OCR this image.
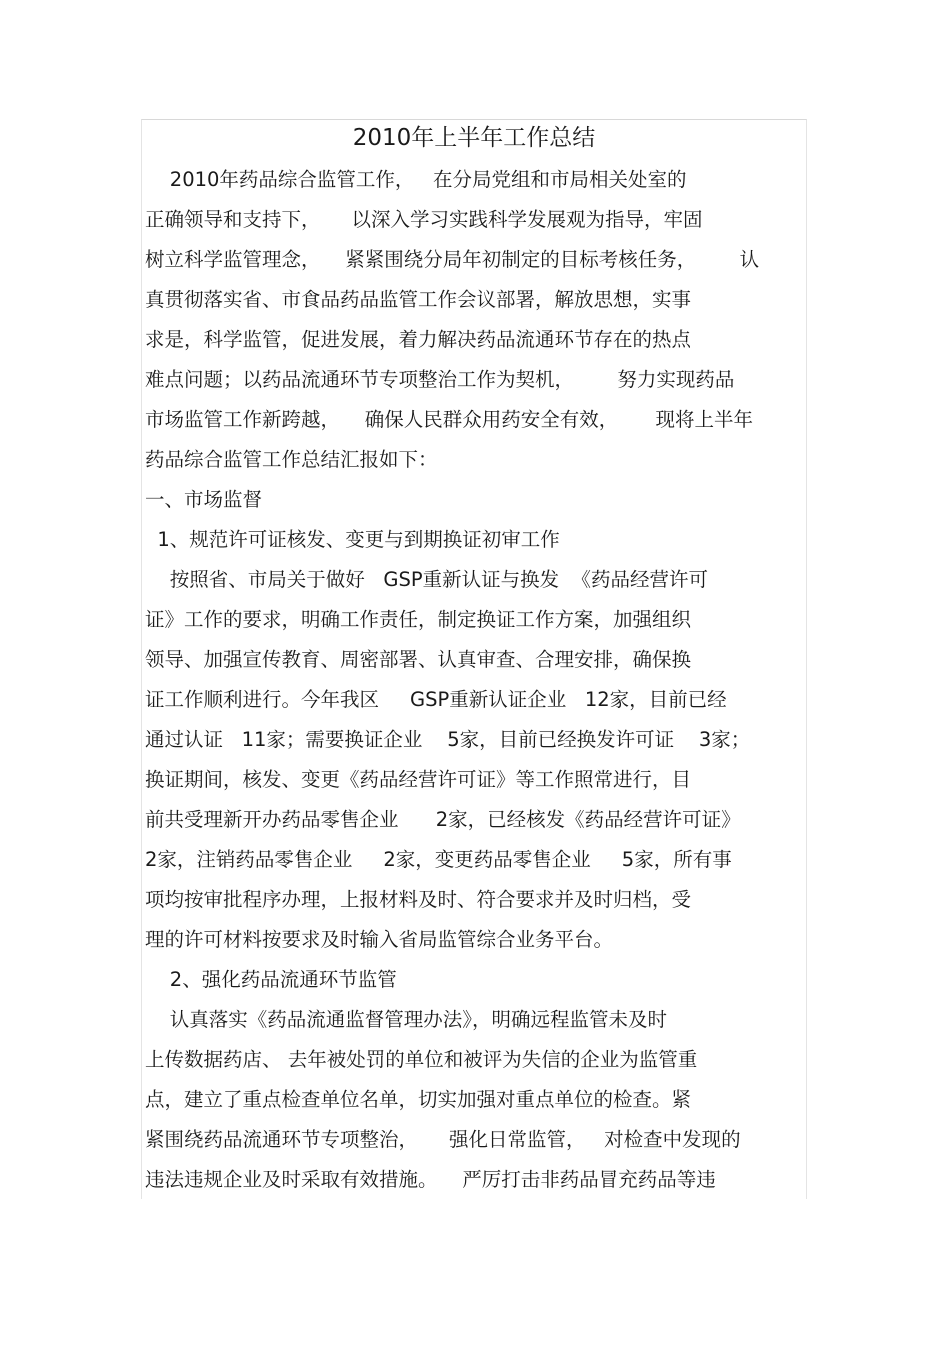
2010年上半年工作总结

2010年药品综合监管工作，   在分局党组和市局相关处室的

正确领导和支持下，     以深入学习实践科学发展观为指导，牢固

树立科学监管理念，    紧紧围绕分局年初制定的目标考核任务，       认

真贯彻落实省、市食品药品监管工作会议部署，解放思想，实事

求是，科学监管，促进发展，着力解决药品流通环节存在的热点

难点问题；以药品流通环节专项整治工作为契机，       努力实现药品

市场监管工作新跨越，    确保人民群众用药安全有效，      现将上半年

药品综合监管工作总结汇报如下：

一、市场监督

1、规范许可证核发、变更与到期换证初审工作

按照省、市局关于做好   GSP重新认证与换发  《药品经营许可

证》工作的要求，明确工作责任，制定换证工作方案，加强组织

领导、加强宣传教育、周密部署、认真审查、合理安排，确保换

证工作顺利进行。今年我区     GSP重新认证企业   12家，目前已经

通过认证   11家；需要换证企业    5家，目前已经换发许可证    3家；

换证期间，核发、变更《药品经营许可证》等工作照常进行，目

前共受理新开办药品零售企业      2家，已经核发《药品经营许可证》

2家，注销药品零售企业     2家，变更药品零售企业     5家，所有事

项均按审批程序办理，上报材料及时、符合要求并及时归档，受

理的许可材料按要求及时输入省局监管综合业务平台。

2、强化药品流通环节监管

认真落实《药品流通监督管理办法》，明确远程监管未及时

上传数据药店、 去年被处罚的单位和被评为失信的企业为监管重

点，建立了重点检查单位名单，切实加强对重点单位的检查。紧

紧围绕药品流通环节专项整治，     强化日常监管，   对检查中发现的

违法违规企业及时采取有效措施。    严厉打击非药品冒充药品等违
